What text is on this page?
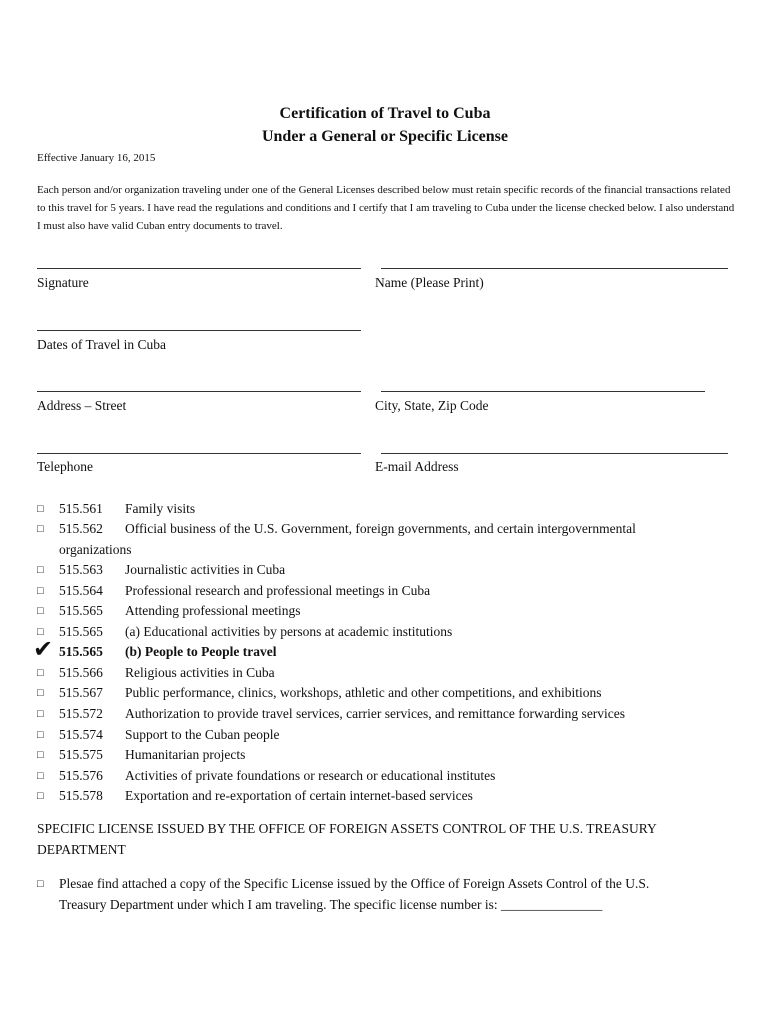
Certification of Travel to Cuba
Under a General or Specific License
Effective January 16, 2015
Each person and/or organization traveling under one of the General Licenses described below must retain specific records of the financial transactions related to this travel for 5 years. I have read the regulations and conditions and I certify that I am traveling to Cuba under the license checked below. I also understand I must also have valid Cuban entry documents to travel.
Signature	Name (Please Print)
Dates of Travel in Cuba
Address – Street	City, State, Zip Code
Telephone	E-mail Address
□	515.561 Family visits
□	515.562 Official business of the U.S. Government, foreign governments, and certain intergovernmental
organizations
□	515.563 Journalistic activities in Cuba
□	515.564 Professional research and professional meetings in Cuba
□	515.565 Attending professional meetings
□	515.565 (a) Educational activities by persons at academic institutions
✔ 515.565 (b) People to People travel
□	515.566 Religious activities in Cuba
□	515.567 Public performance, clinics, workshops, athletic and other competitions, and exhibitions
□	515.572 Authorization to provide travel services, carrier services, and remittance forwarding services
□	515.574 Support to the Cuban people
□	515.575 Humanitarian projects
□	515.576 Activities of private foundations or research or educational institutes
□	515.578 Exportation and re-exportation of certain internet-based services
SPECIFIC LICENSE ISSUED BY THE OFFICE OF FOREIGN ASSETS CONTROL OF THE U.S. TREASURY
DEPARTMENT
□	Plesae find attached a copy of the Specific License issued by the Office of Foreign Assets Control of the U.S.
Treasury Department under which I am traveling. The specific license number is: _______________
